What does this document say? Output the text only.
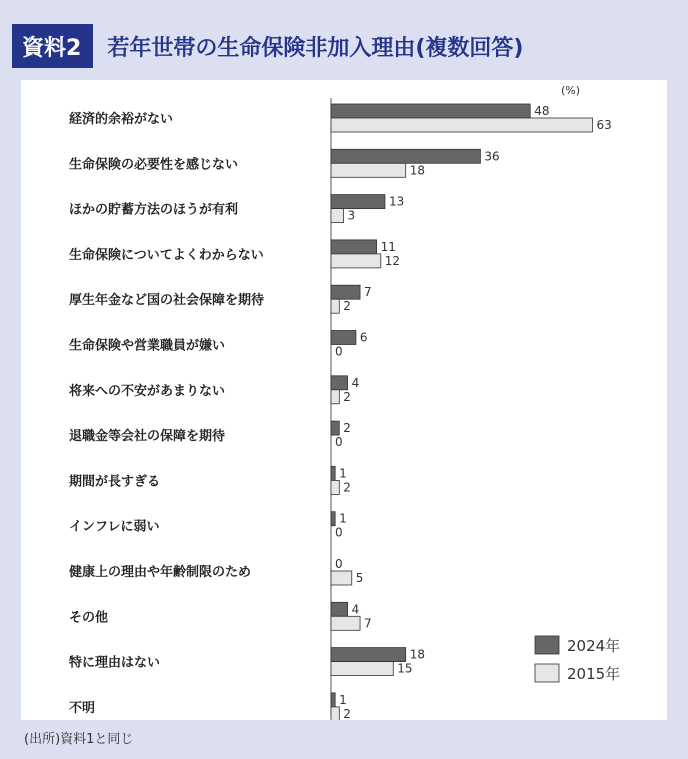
資料2	若年世帯の生命保険非加入理由(複数回答)
(%)
経済的余裕がない
48
63
生命保険の必要性を感じない
36
18
ほかの貯蓄方法のほうが有利
13
3
生命保険についてよくわからない
11
12
厚生年金など国の社会保障を期待
7
2
生命保険や営業職員が嫌い
6
0
将来への不安があまりない
4
2
退職金等会社の保障を期待
2
0
期間が長すぎる
1
2
インフレに弱い
1
0
健康上の理由や年齢制限のため
0
5
その他
4
7
特に理由はない
18
15
不明
1
2
2024年
2015年
(出所)資料1と同じ
